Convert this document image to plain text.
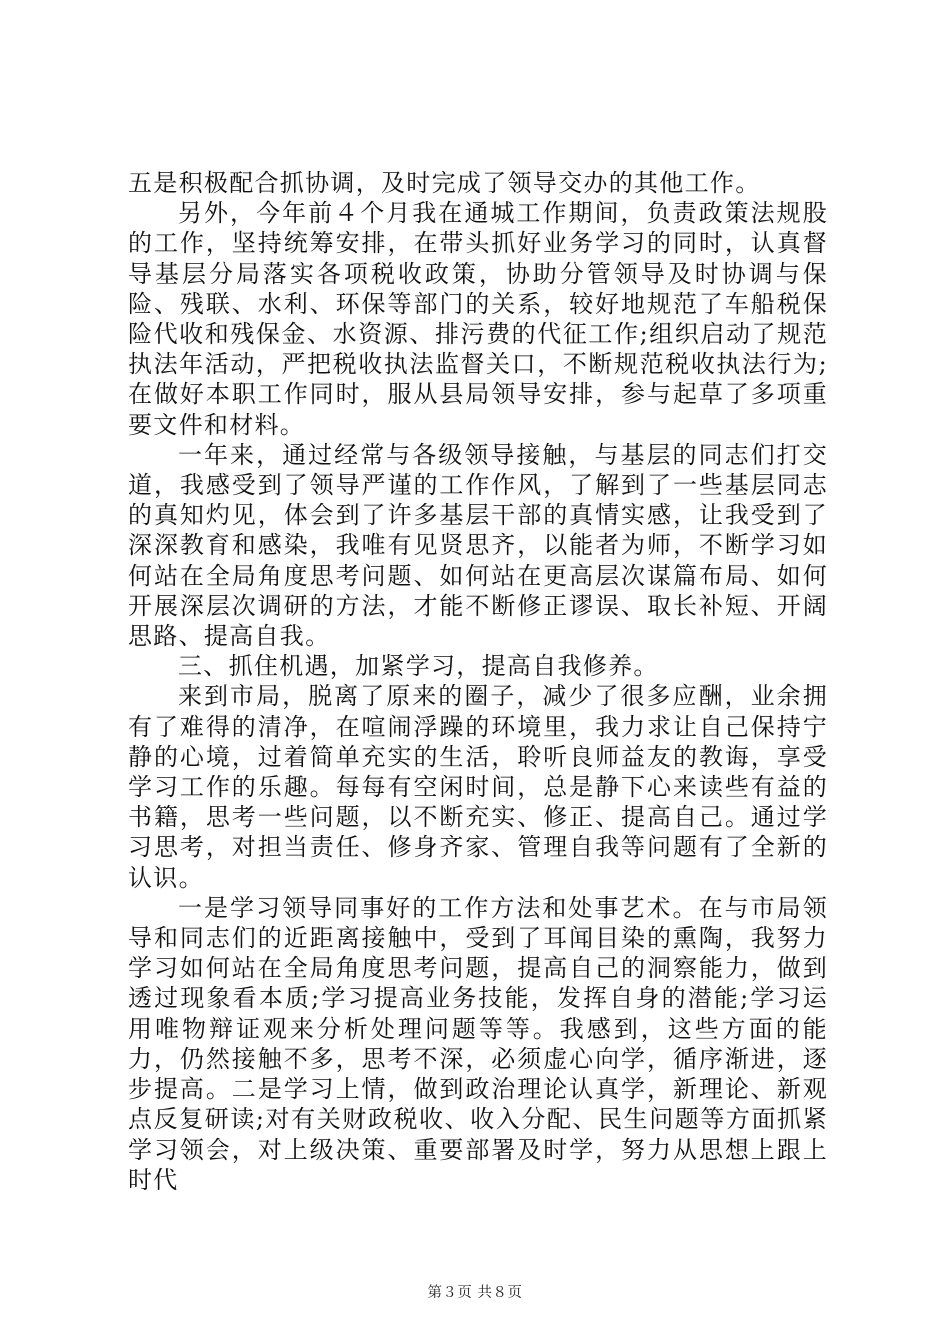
五是积极配合抓协调，及时完成了领导交办的其他工作。

另外，今年前４个月我在通城工作期间，负责政策法规股的工作，坚持统筹安排，在带头抓好业务学习的同时，认真督导基层分局落实各项税收政策，协助分管领导及时协调与保险、残联、水利、环保等部门的关系，较好地规范了车船税保险代收和残保金、水资源、排污费的代征工作;组织启动了规范执法年活动，严把税收执法监督关口，不断规范税收执法行为;在做好本职工作同时，服从县局领导安排，参与起草了多项重要文件和材料。

一年来，通过经常与各级领导接触，与基层的同志们打交道，我感受到了领导严谨的工作作风，了解到了一些基层同志的真知灼见，体会到了许多基层干部的真情实感，让我受到了深深教育和感染，我唯有见贤思齐，以能者为师，不断学习如何站在全局角度思考问题、如何站在更高层次谋篇布局、如何开展深层次调研的方法，才能不断修正谬误、取长补短、开阔思路、提高自我。

三、抓住机遇，加紧学习，提高自我修养。

来到市局，脱离了原来的圈子，减少了很多应酬，业余拥有了难得的清净，在喧闹浮躁的环境里，我力求让自己保持宁静的心境，过着简单充实的生活，聆听良师益友的教诲，享受学习工作的乐趣。每每有空闲时间，总是静下心来读些有益的书籍，思考一些问题，以不断充实、修正、提高自己。通过学习思考，对担当责任、修身齐家、管理自我等问题有了全新的认识。

一是学习领导同事好的工作方法和处事艺术。在与市局领导和同志们的近距离接触中，受到了耳闻目染的熏陶，我努力学习如何站在全局角度思考问题，提高自己的洞察能力，做到透过现象看本质;学习提高业务技能，发挥自身的潜能;学习运用唯物辩证观来分析处理问题等等。我感到，这些方面的能力，仍然接触不多，思考不深，必须虚心向学，循序渐进，逐步提高。二是学习上情，做到政治理论认真学，新理论、新观点反复研读;对有关财政税收、收入分配、民生问题等方面抓紧学习领会，对上级决策、重要部署及时学，努力从思想上跟上时代

第３页 共８页
